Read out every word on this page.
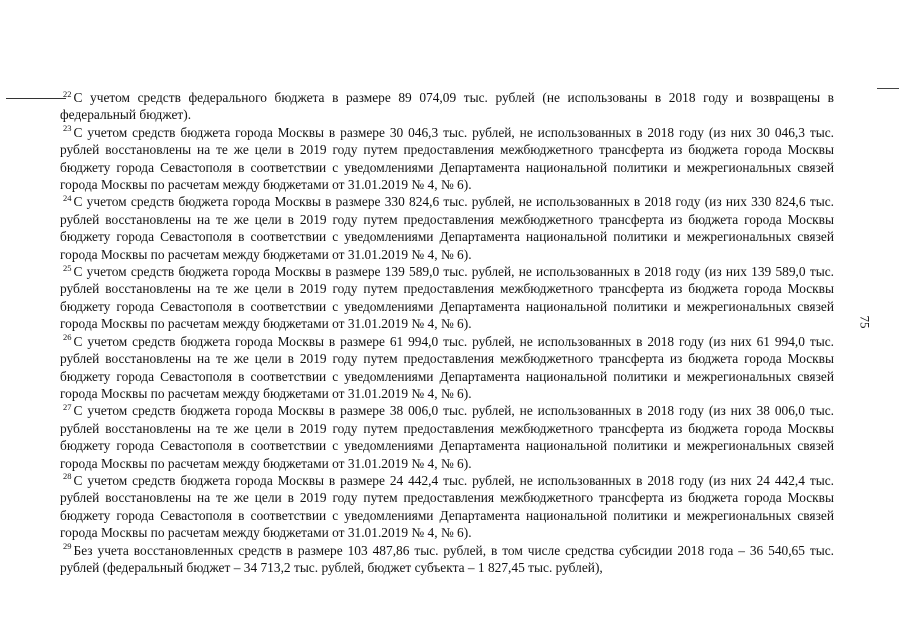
75

$^{22}$ С учетом средств федерального бюджета в размере 89 074,09 тыс. рублей (не использованы в 2018 году и возвращены в федеральный бюджет).

$^{23}$ С учетом средств бюджета города Москвы в размере 30 046,3 тыс. рублей, не использованных в 2018 году (из них 30 046,3 тыс. рублей восстановлены на те же цели в 2019 году путем предоставления межбюджетного трансферта из бюджета города Москвы бюджету города Севастополя в соответствии с уведомлениями Департамента национальной политики и межрегиональных связей города Москвы по расчетам между бюджетами от 31.01.2019 № 4, № 6).

$^{24}$ С учетом средств бюджета города Москвы в размере 330 824,6 тыс. рублей, не использованных в 2018 году (из них 330 824,6 тыс. рублей восстановлены на те же цели в 2019 году путем предоставления межбюджетного трансферта из бюджета города Москвы бюджету города Севастополя в соответствии с уведомлениями Департамента национальной политики и межрегиональных связей города Москвы по расчетам между бюджетами от 31.01.2019 № 4, № 6).

$^{25}$ С учетом средств бюджета города Москвы в размере 139 589,0 тыс. рублей, не использованных в 2018 году (из них 139 589,0 тыс. рублей восстановлены на те же цели в 2019 году путем предоставления межбюджетного трансферта из бюджета города Москвы бюджету города Севастополя в соответствии с уведомлениями Департамента национальной политики и межрегиональных связей города Москвы по расчетам между бюджетами от 31.01.2019 № 4, № 6).

$^{26}$ С учетом средств бюджета города Москвы в размере 61 994,0 тыс. рублей, не использованных в 2018 году (из них 61 994,0 тыс. рублей восстановлены на те же цели в 2019 году путем предоставления межбюджетного трансферта из бюджета города Москвы бюджету города Севастополя в соответствии с уведомлениями Департамента национальной политики и межрегиональных связей города Москвы по расчетам между бюджетами от 31.01.2019 № 4, № 6).

$^{27}$ С учетом средств бюджета города Москвы в размере 38 006,0 тыс. рублей, не использованных в 2018 году (из них 38 006,0 тыс. рублей восстановлены на те же цели в 2019 году путем предоставления межбюджетного трансферта из бюджета города Москвы бюджету города Севастополя в соответствии с уведомлениями Департамента национальной политики и межрегиональных связей города Москвы по расчетам между бюджетами от 31.01.2019 № 4, № 6).

$^{28}$ С учетом средств бюджета города Москвы в размере 24 442,4 тыс. рублей, не использованных в 2018 году (из них 24 442,4 тыс. рублей восстановлены на те же цели в 2019 году путем предоставления межбюджетного трансферта из бюджета города Москвы бюджету города Севастополя в соответствии с уведомлениями Департамента национальной политики и межрегиональных связей города Москвы по расчетам между бюджетами от 31.01.2019 № 4, № 6).

$^{29}$ Без учета восстановленных средств в размере 103 487,86 тыс. рублей, в том числе средства субсидии 2018 года – 36 540,65 тыс. рублей (федеральный бюджет – 34 713,2 тыс. рублей, бюджет субъекта – 1 827,45 тыс. рублей),
